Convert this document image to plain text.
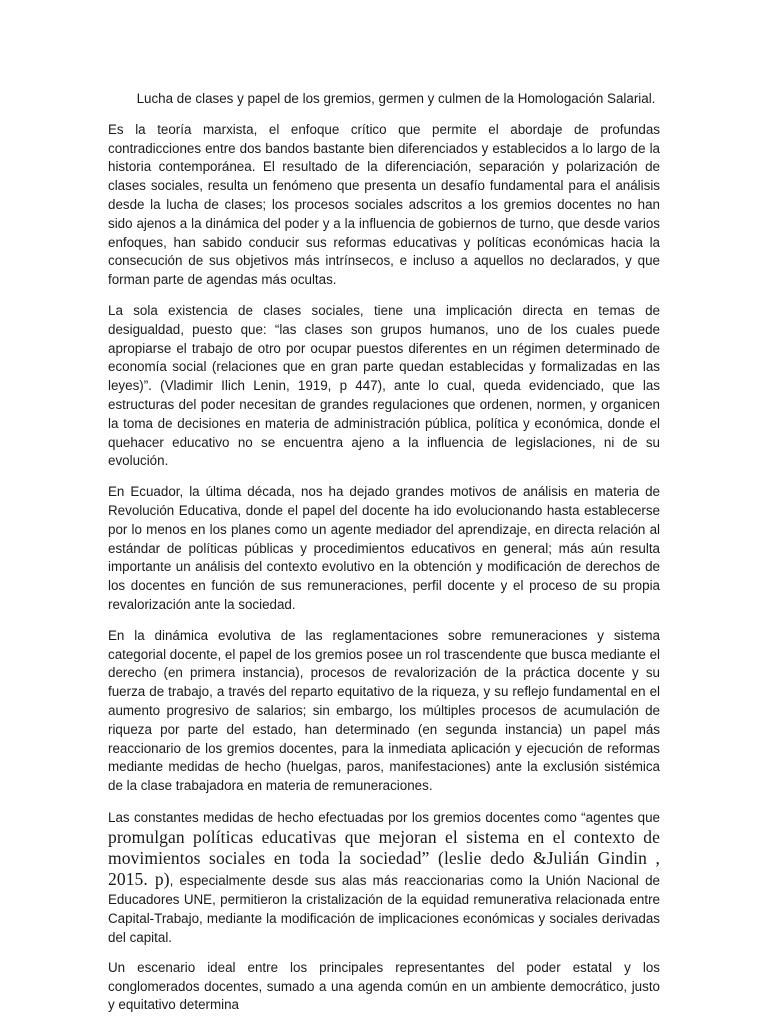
Lucha de clases y papel de los gremios, germen y culmen de la Homologación Salarial.

Es la teoría marxista, el enfoque crítico que permite el abordaje de profundas contradicciones entre dos bandos bastante bien diferenciados y establecidos a lo largo de la historia contemporánea. El resultado de la diferenciación, separación y polarización de clases sociales, resulta un fenómeno que presenta un desafío fundamental para el análisis desde la lucha de clases; los procesos sociales adscritos a los gremios docentes no han sido ajenos a la dinámica del poder y a la influencia de gobiernos de turno, que desde varios enfoques, han sabido conducir sus reformas educativas y políticas económicas hacia la consecución de sus objetivos más intrínsecos, e incluso a aquellos no declarados, y que forman parte de agendas más ocultas.

La sola existencia de clases sociales, tiene una implicación directa en temas de desigualdad, puesto que: “las clases son grupos humanos, uno de los cuales puede apropiarse el trabajo de otro por ocupar puestos diferentes en un régimen determinado de economía social (relaciones que en gran parte quedan establecidas y formalizadas en las leyes)”. (Vladimir Ilich Lenin, 1919, p 447), ante lo cual, queda evidenciado, que las estructuras del poder necesitan de grandes regulaciones que ordenen, normen, y organicen la toma de decisiones en materia de administración pública, política y económica, donde el quehacer educativo no se encuentra ajeno a la influencia de legislaciones, ni de su evolución.

En Ecuador, la última década, nos ha dejado grandes motivos de análisis en materia de Revolución Educativa, donde el papel del docente ha ido evolucionando hasta establecerse por lo menos en los planes como un agente mediador del aprendizaje, en directa relación al estándar de políticas públicas y procedimientos educativos en general; más aún resulta importante un análisis del contexto evolutivo en la obtención y modificación de derechos de los docentes en función de sus remuneraciones, perfil docente y el proceso de su propia revalorización ante la sociedad.

En la dinámica evolutiva de las reglamentaciones sobre remuneraciones y sistema categorial docente, el papel de los gremios posee un rol trascendente que busca mediante el derecho (en primera instancia), procesos de revalorización de la práctica docente y su fuerza de trabajo, a través del reparto equitativo de la riqueza, y su reflejo fundamental en el aumento progresivo de salarios; sin embargo, los múltiples procesos de acumulación de riqueza por parte del estado, han determinado (en segunda instancia) un papel más reaccionario de los gremios docentes, para la inmediata aplicación y ejecución de reformas mediante medidas de hecho (huelgas, paros, manifestaciones) ante la exclusión sistémica de la clase trabajadora en materia de remuneraciones.

Las constantes medidas de hecho efectuadas por los gremios docentes como “agentes que promulgan políticas educativas que mejoran el sistema en el contexto de movimientos sociales en toda la sociedad” (leslie dedo &Julián Gindin , 2015. p), especialmente desde sus alas más reaccionarias como la Unión Nacional de Educadores UNE, permitieron la cristalización de la equidad remunerativa relacionada entre Capital-Trabajo, mediante la modificación de implicaciones económicas y sociales derivadas del capital.

Un escenario ideal entre los principales representantes del poder estatal y los conglomerados docentes, sumado a una agenda común en un ambiente democrático, justo y equitativo determina
